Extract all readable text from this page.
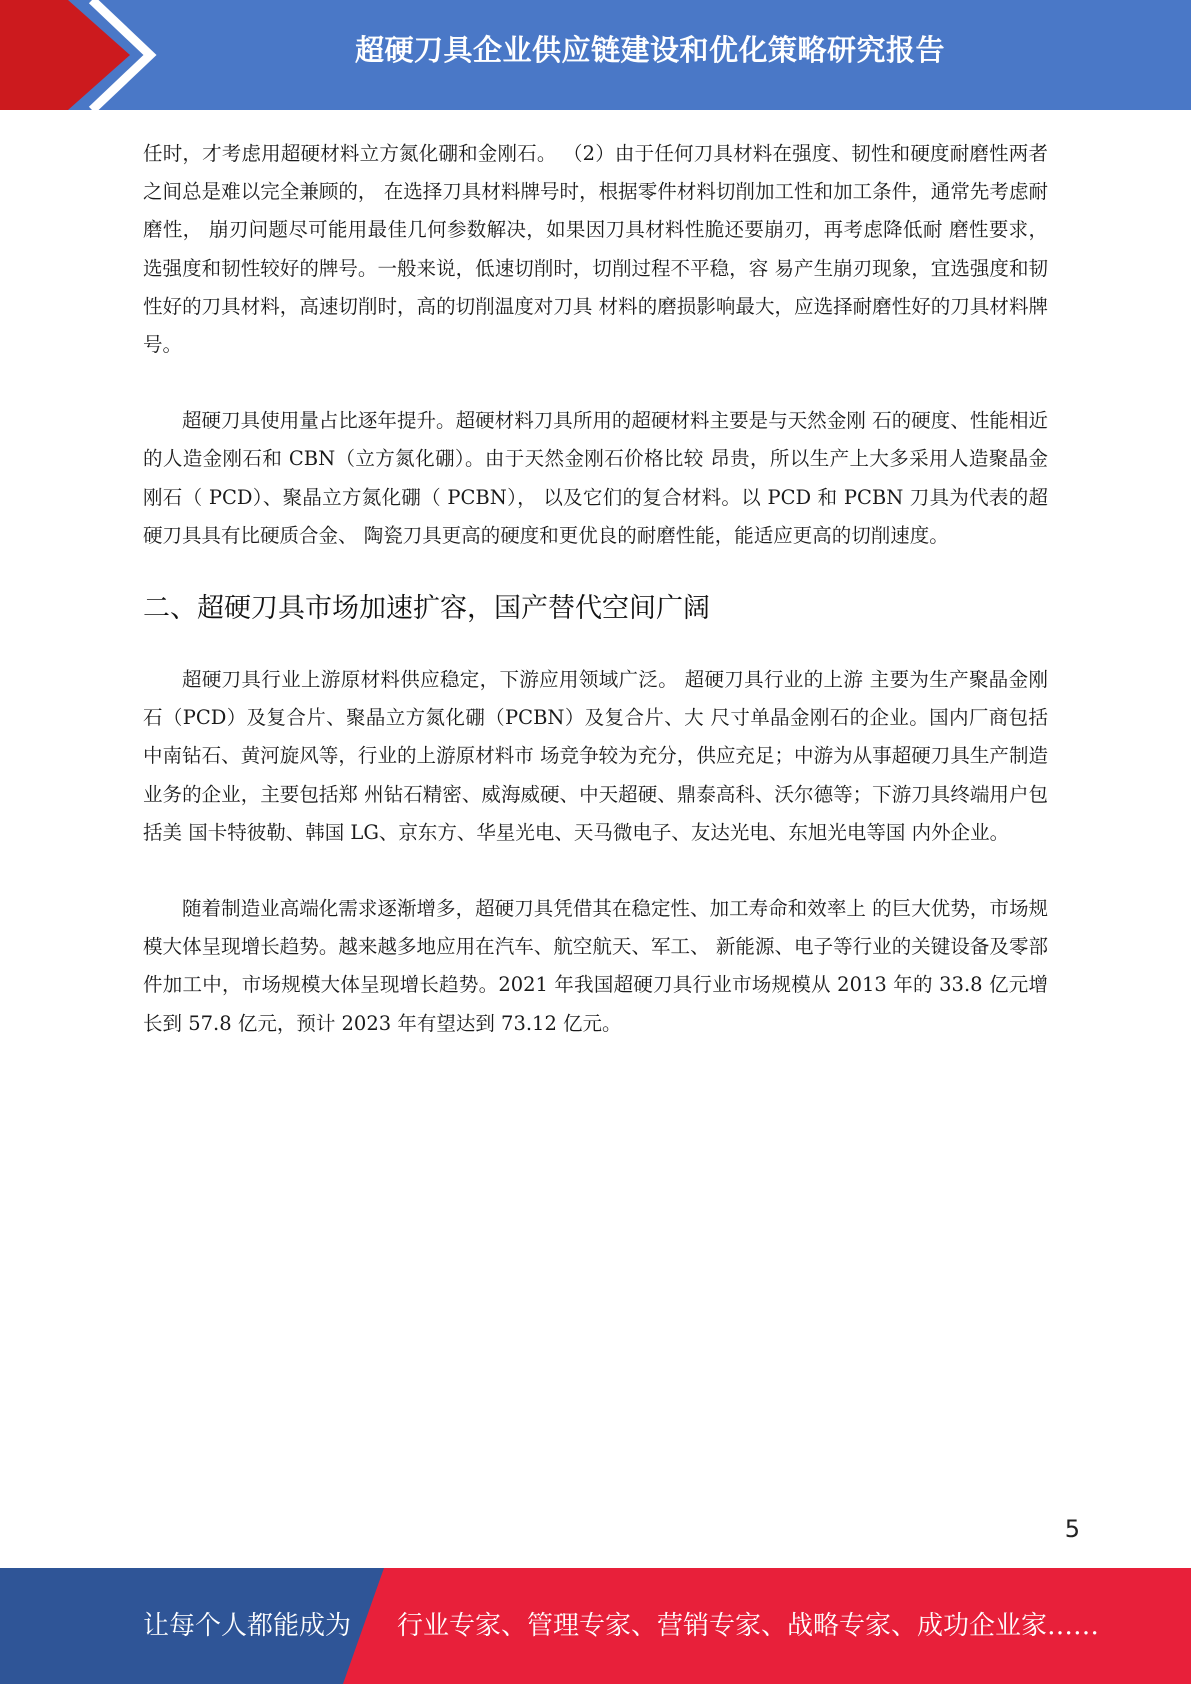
超硬刀具企业供应链建设和优化策略研究报告

任时，才考虑用超硬材料立方氮化硼和金刚石。 （2）由于任何刀具材料在强度、韧性和硬度耐磨性两者之间总是难以完全兼顾的， 在选择刀具材料牌号时，根据零件材料切削加工性和加工条件，通常先考虑耐磨性， 崩刃问题尽可能用最佳几何参数解决，如果因刀具材料性脆还要崩刃，再考虑降低耐 磨性要求，选强度和韧性较好的牌号。一般来说，低速切削时，切削过程不平稳，容 易产生崩刃现象，宜选强度和韧性好的刀具材料，高速切削时，高的切削温度对刀具 材料的磨损影响最大，应选择耐磨性好的刀具材料牌号。

超硬刀具使用量占比逐年提升。超硬材料刀具所用的超硬材料主要是与天然金刚 石的硬度、性能相近的人造金刚石和 CBN（立方氮化硼）。由于天然金刚石价格比较 昂贵，所以生产上大多采用人造聚晶金刚石（ PCD）、聚晶立方氮化硼（ PCBN）， 以及它们的复合材料。以 PCD 和 PCBN 刀具为代表的超硬刀具具有比硬质合金、 陶瓷刀具更高的硬度和更优良的耐磨性能，能适应更高的切削速度。

二、超硬刀具市场加速扩容，国产替代空间广阔

超硬刀具行业上游原材料供应稳定，下游应用领域广泛。 超硬刀具行业的上游 主要为生产聚晶金刚石（PCD）及复合片、聚晶立方氮化硼（PCBN）及复合片、大 尺寸单晶金刚石的企业。国内厂商包括中南钻石、黄河旋风等，行业的上游原材料市 场竞争较为充分，供应充足；中游为从事超硬刀具生产制造业务的企业，主要包括郑 州钻石精密、威海威硬、中天超硬、鼎泰高科、沃尔德等；下游刀具终端用户包括美 国卡特彼勒、韩国 LG、京东方、华星光电、天马微电子、友达光电、东旭光电等国 内外企业。

随着制造业高端化需求逐渐增多，超硬刀具凭借其在稳定性、加工寿命和效率上 的巨大优势，市场规模大体呈现增长趋势。越来越多地应用在汽车、航空航天、军工、 新能源、电子等行业的关键设备及零部件加工中，市场规模大体呈现增长趋势。2021 年我国超硬刀具行业市场规模从 2013 年的 33.8 亿元增长到 57.8 亿元，预计 2023 年有望达到 73.12 亿元。

5
让每个人都能成为 行业专家、管理专家、营销专家、战略专家、成功企业家……
